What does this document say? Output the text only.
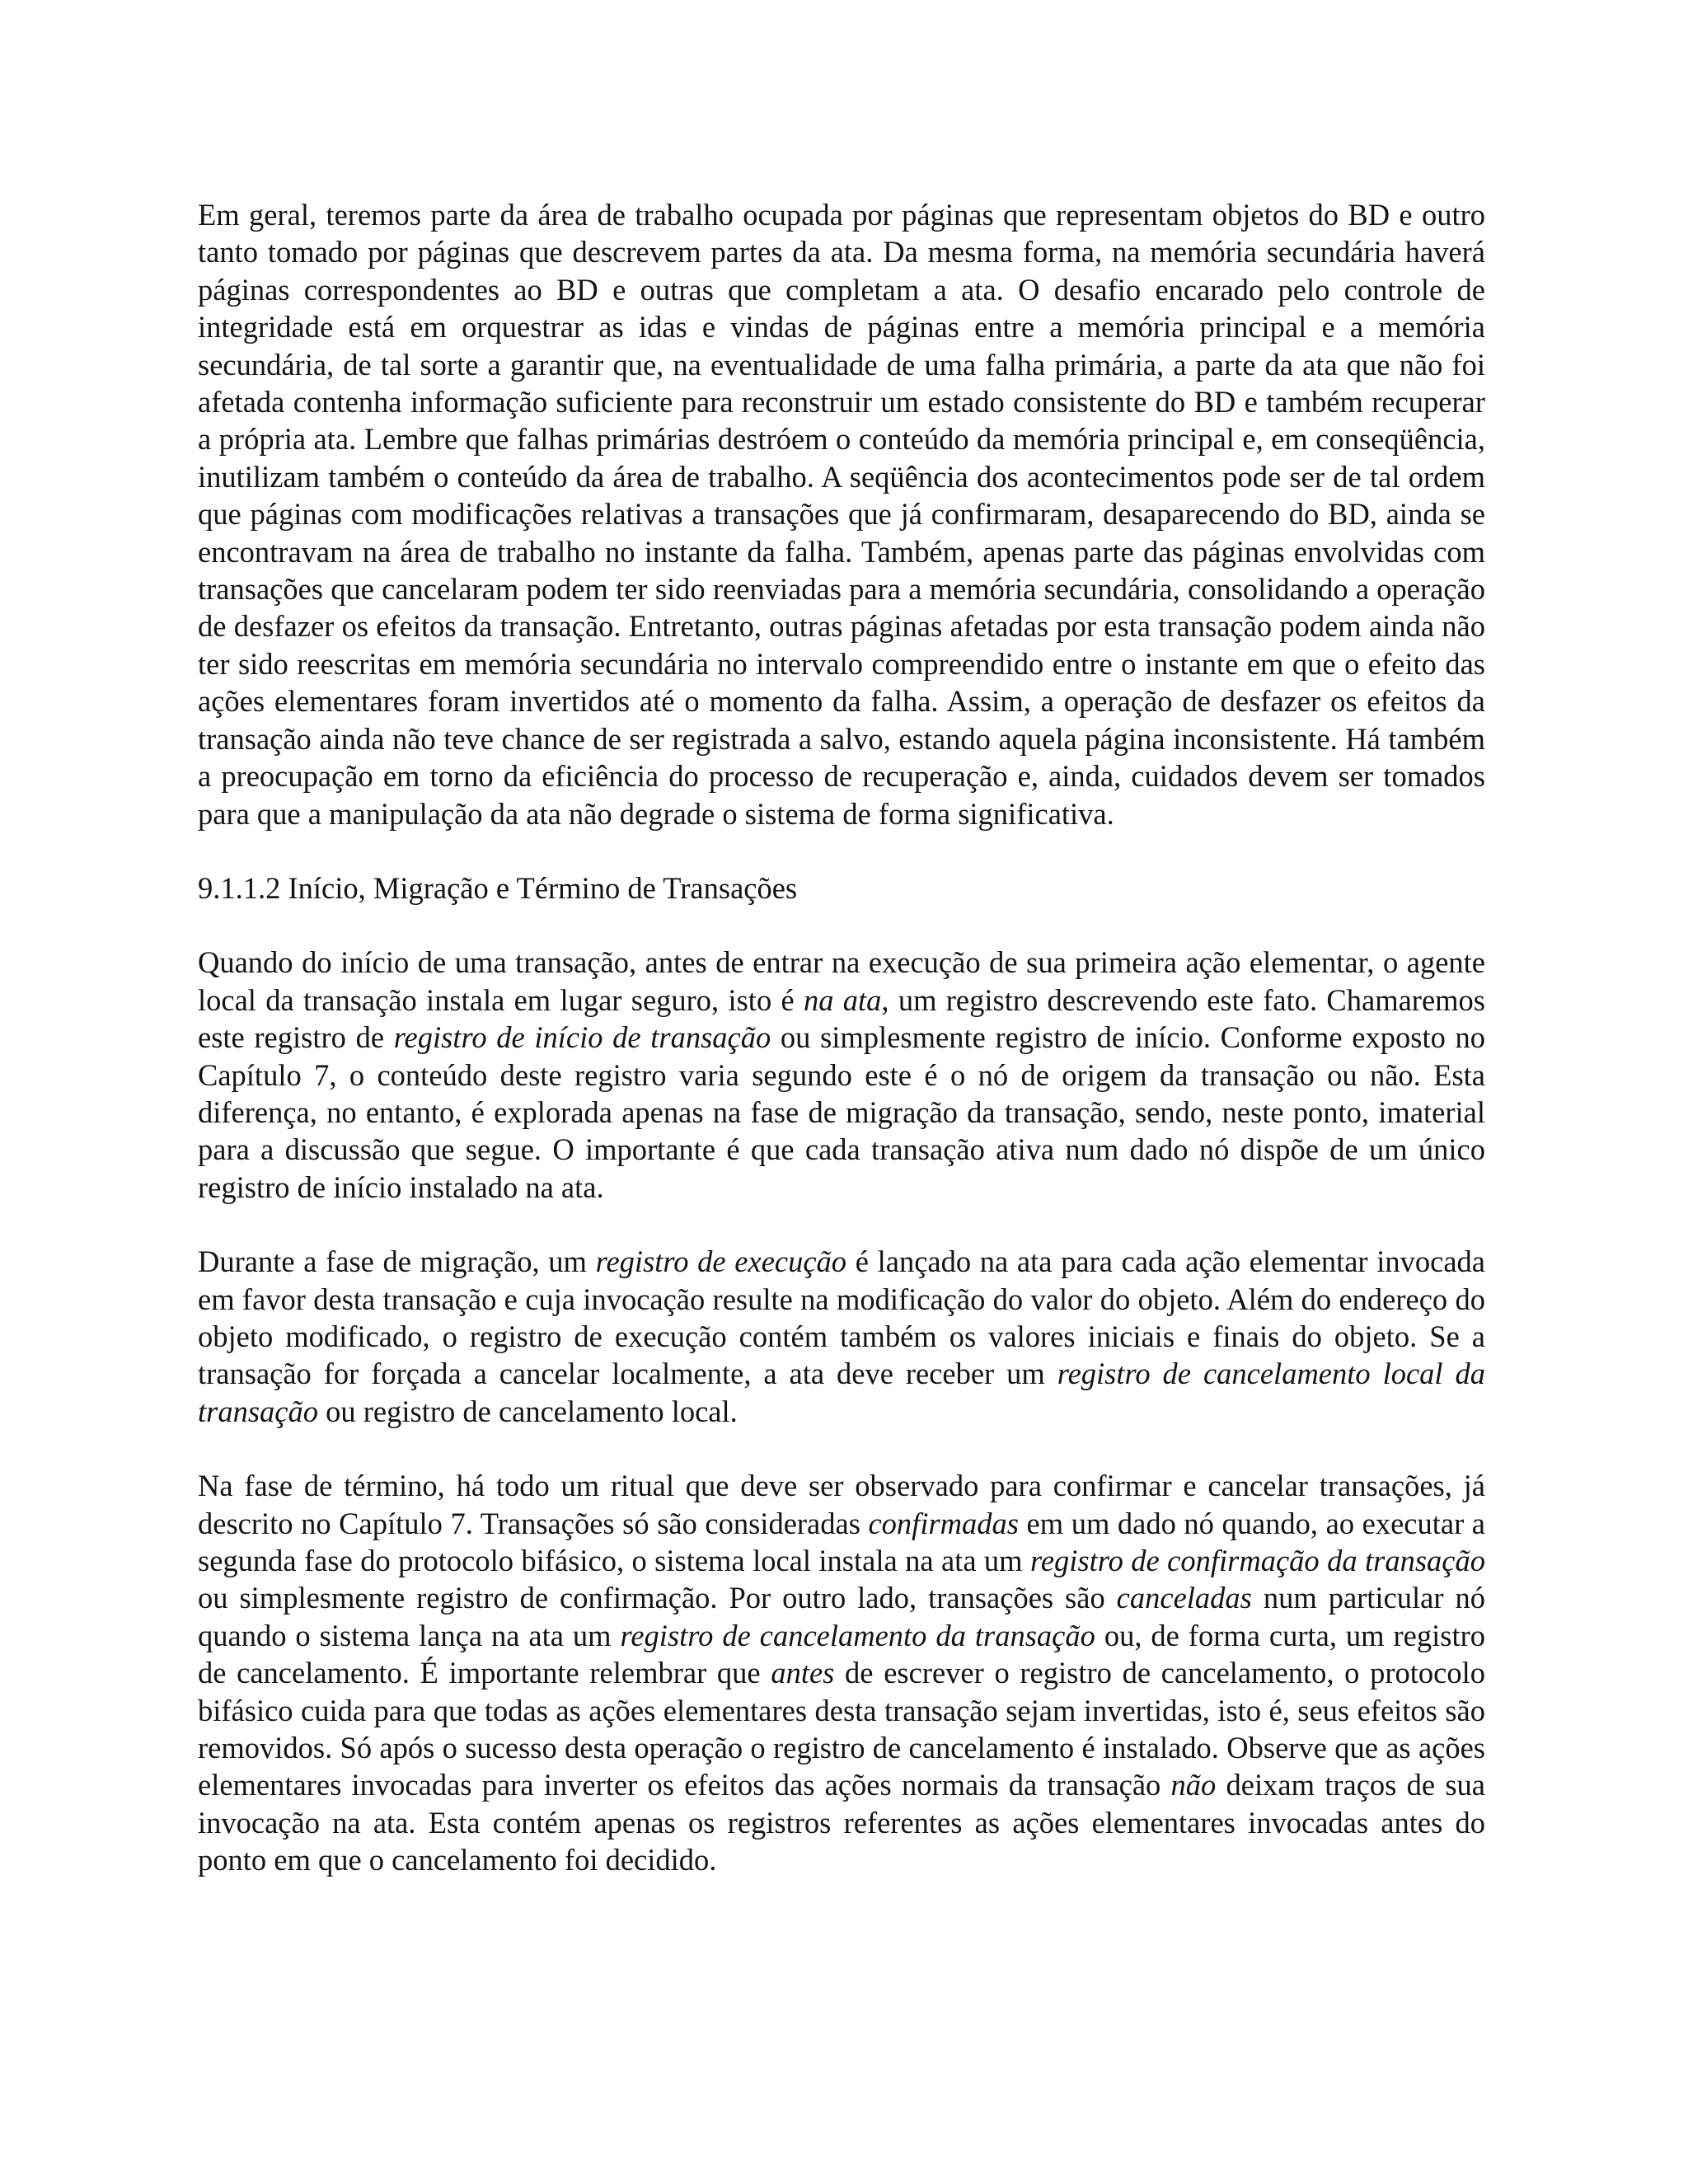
Em geral, teremos parte da área de trabalho ocupada por páginas que representam objetos do BD e outro tanto tomado por páginas que descrevem partes da ata. Da mesma forma, na memória secundária haverá páginas correspondentes ao BD e outras que completam a ata. O desafio encarado pelo controle de integridade está em orquestrar as idas e vindas de páginas entre a memória principal e a memória secundária, de tal sorte a garantir que, na eventualidade de uma falha primária, a parte da ata que não foi afetada contenha informação suficiente para reconstruir um estado consistente do BD e também recuperar a própria ata. Lembre que falhas primárias destróem o conteúdo da memória principal e, em conseqüência, inutilizam também o conteúdo da área de trabalho. A seqüência dos acontecimentos pode ser de tal ordem que páginas com modificações relativas a transações que já confirmaram, desaparecendo do BD, ainda se encontravam na área de trabalho no instante da falha. Também, apenas parte das páginas envolvidas com transações que cancelaram podem ter sido reenviadas para a memória secundária, consolidando a operação de desfazer os efeitos da transação. Entretanto, outras páginas afetadas por esta transação podem ainda não ter sido reescritas em memória secundária no intervalo compreendido entre o instante em que o efeito das ações elementares foram invertidos até o momento da falha. Assim, a operação de desfazer os efeitos da transação ainda não teve chance de ser registrada a salvo, estando aquela página inconsistente. Há também a preocupação em torno da eficiência do processo de recuperação e, ainda, cuidados devem ser tomados para que a manipulação da ata não degrade o sistema de forma significativa.

9.1.1.2 Início, Migração e Término de Transações

Quando do início de uma transação, antes de entrar na execução de sua primeira ação elementar, o agente local da transação instala em lugar seguro, isto é na ata, um registro descrevendo este fato. Chamaremos este registro de registro de início de transação ou simplesmente registro de início. Conforme exposto no Capítulo 7, o conteúdo deste registro varia segundo este é o nó de origem da transação ou não. Esta diferença, no entanto, é explorada apenas na fase de migração da transação, sendo, neste ponto, imaterial para a discussão que segue. O importante é que cada transação ativa num dado nó dispõe de um único registro de início instalado na ata.

Durante a fase de migração, um registro de execução é lançado na ata para cada ação elementar invocada em favor desta transação e cuja invocação resulte na modificação do valor do objeto. Além do endereço do objeto modificado, o registro de execução contém também os valores iniciais e finais do objeto. Se a transação for forçada a cancelar localmente, a ata deve receber um registro de cancelamento local da transação ou registro de cancelamento local.

Na fase de término, há todo um ritual que deve ser observado para confirmar e cancelar transações, já descrito no Capítulo 7. Transações só são consideradas confirmadas em um dado nó quando, ao executar a segunda fase do protocolo bifásico, o sistema local instala na ata um registro de confirmação da transação ou simplesmente registro de confirmação. Por outro lado, transações são canceladas num particular nó quando o sistema lança na ata um registro de cancelamento da transação ou, de forma curta, um registro de cancelamento. É importante relembrar que antes de escrever o registro de cancelamento, o protocolo bifásico cuida para que todas as ações elementares desta transação sejam invertidas, isto é, seus efeitos são removidos. Só após o sucesso desta operação o registro de cancelamento é instalado. Observe que as ações elementares invocadas para inverter os efeitos das ações normais da transação não deixam traços de sua invocação na ata. Esta contém apenas os registros referentes as ações elementares invocadas antes do ponto em que o cancelamento foi decidido.
